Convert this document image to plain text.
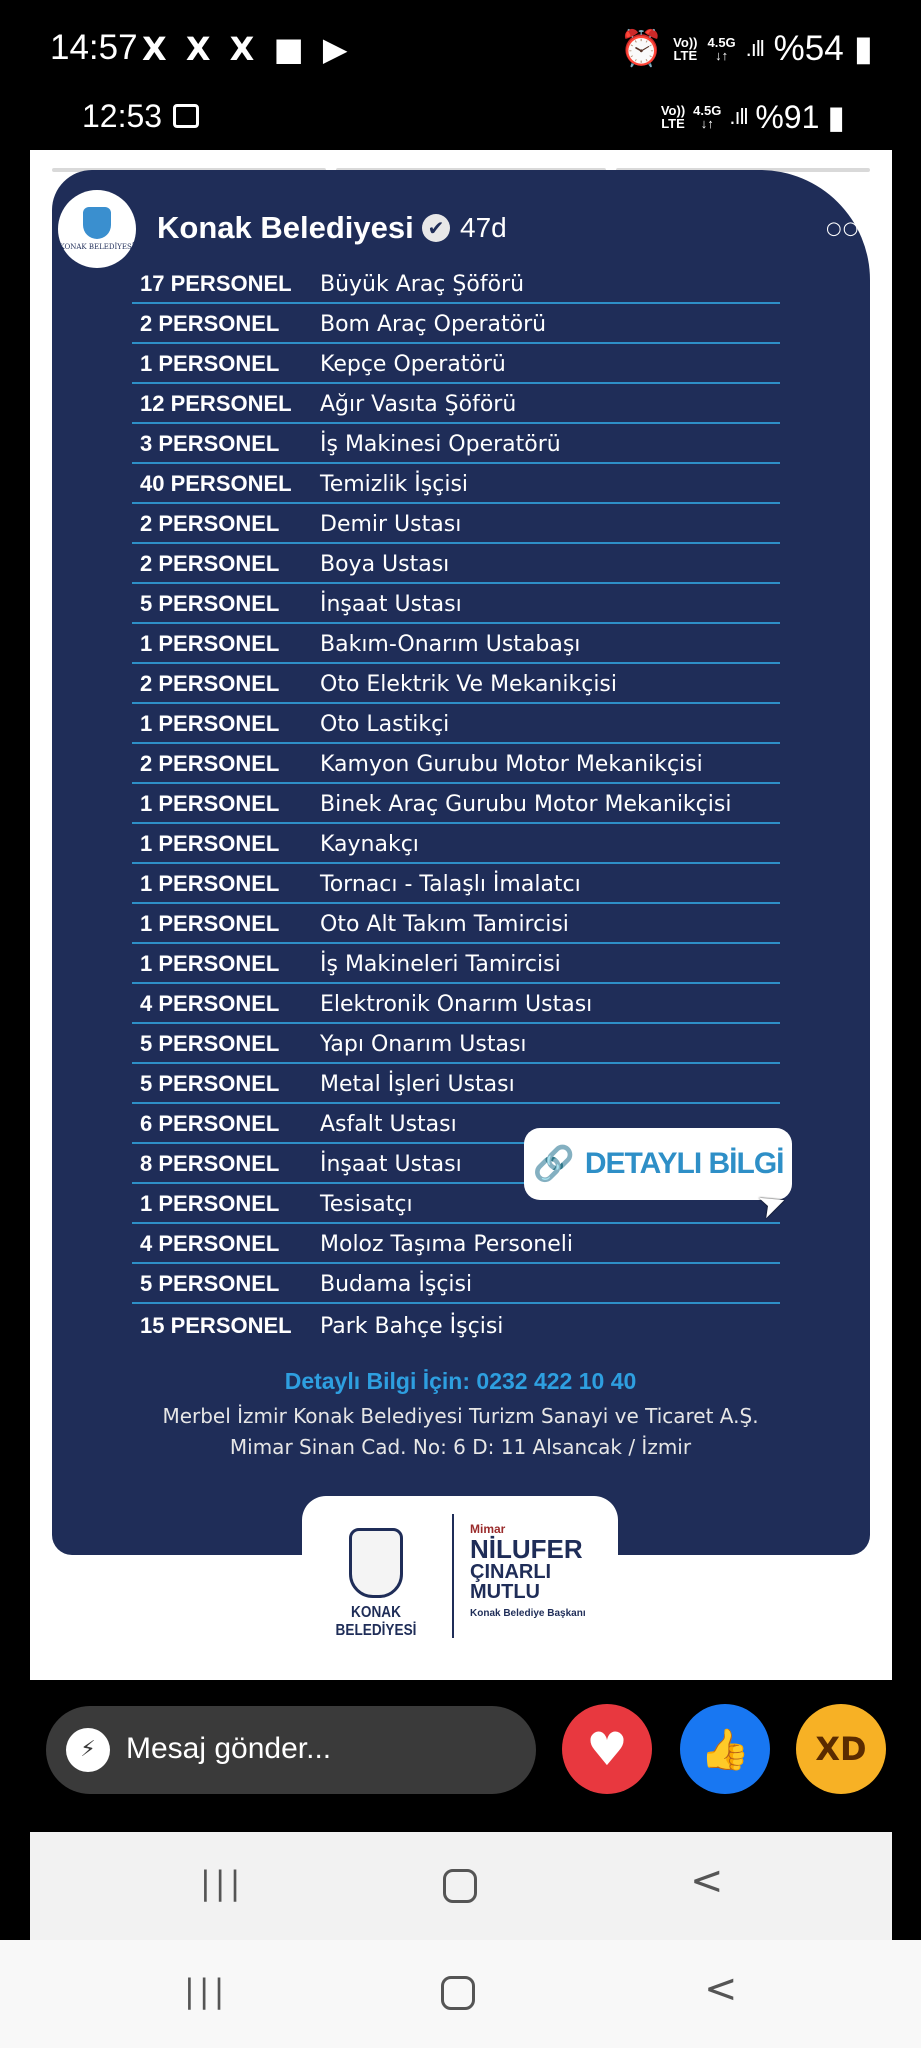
14:57 X X X ■ ▶	⏰ Vo))
LTE
4.5G
↓↑ .ıll %54 ▮
12:53	Vo))
LTE
4.5G
↓↑ .ıll %91 ▮
KONAK BELEDİYESİ
Konak Belediyesi ✔ 47d	○○○
17 PERSONEL Büyük Araç Şöförü
2 PERSONEL Bom Araç Operatörü
1 PERSONEL Kepçe Operatörü
12 PERSONEL Ağır Vasıta Şöförü
3 PERSONEL İş Makinesi Operatörü
40 PERSONEL Temizlik İşçisi
2 PERSONEL Demir Ustası
2 PERSONEL Boya Ustası
5 PERSONEL İnşaat Ustası
1 PERSONEL Bakım-Onarım Ustabaşı
2 PERSONEL Oto Elektrik Ve Mekanikçisi
1 PERSONEL Oto Lastikçi
2 PERSONEL Kamyon Gurubu Motor Mekanikçisi
1 PERSONEL Binek Araç Gurubu Motor Mekanikçisi
1 PERSONEL Kaynakçı
1 PERSONEL Tornacı - Talaşlı İmalatcı
1 PERSONEL Oto Alt Takım Tamircisi
1 PERSONEL İş Makineleri Tamircisi
4 PERSONEL Elektronik Onarım Ustası
5 PERSONEL Yapı Onarım Ustası
5 PERSONEL Metal İşleri Ustası
6 PERSONEL Asfalt Ustası
8 PERSONEL İnşaat Ustası
1 PERSONEL Tesisatçı
4 PERSONEL Moloz Taşıma Personeli
5 PERSONEL Budama İşçisi
15 PERSONEL Park Bahçe İşçisi
🔗 DETAYLI BİLGİ
➤
Detaylı Bilgi İçin: 0232 422 10 40
Merbel İzmir Konak Belediyesi Turizm Sanayi ve Ticaret A.Ş.
Mimar Sinan Cad. No: 6 D: 11 Alsancak / İzmir
KONAK BELEDİYESİ
Mimar
NİLUFER
ÇINARLI
MUTLU
Konak Belediye Başkanı
⚡	Mesaj gönder...	♥ 👍 XD
|||	<
|||	<
